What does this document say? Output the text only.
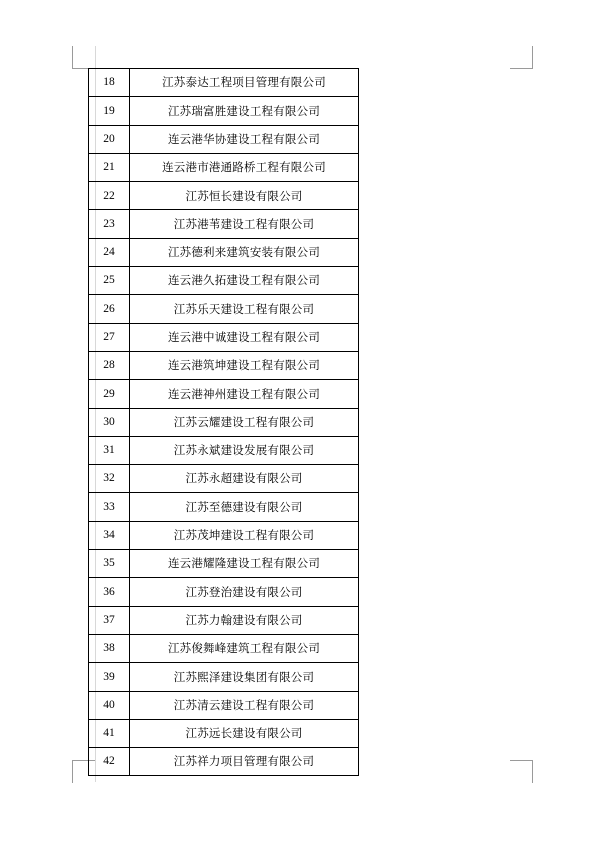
18	江苏泰达工程项目管理有限公司
19	江苏瑞富胜建设工程有限公司
20	连云港华协建设工程有限公司
21	连云港市港通路桥工程有限公司
22	江苏恒长建设有限公司
23	江苏港苇建设工程有限公司
24	江苏德利来建筑安装有限公司
25	连云港久拓建设工程有限公司
26	江苏乐天建设工程有限公司
27	连云港中诚建设工程有限公司
28	连云港筑坤建设工程有限公司
29	连云港神州建设工程有限公司
30	江苏云耀建设工程有限公司
31	江苏永斌建设发展有限公司
32	江苏永超建设有限公司
33	江苏至德建设有限公司
34	江苏茂坤建设工程有限公司
35	连云港耀隆建设工程有限公司
36	江苏登治建设有限公司
37	江苏力翰建设有限公司
38	江苏俊舞峰建筑工程有限公司
39	江苏熙泽建设集团有限公司
40	江苏清云建设工程有限公司
41	江苏远长建设有限公司
42	江苏祥力项目管理有限公司
